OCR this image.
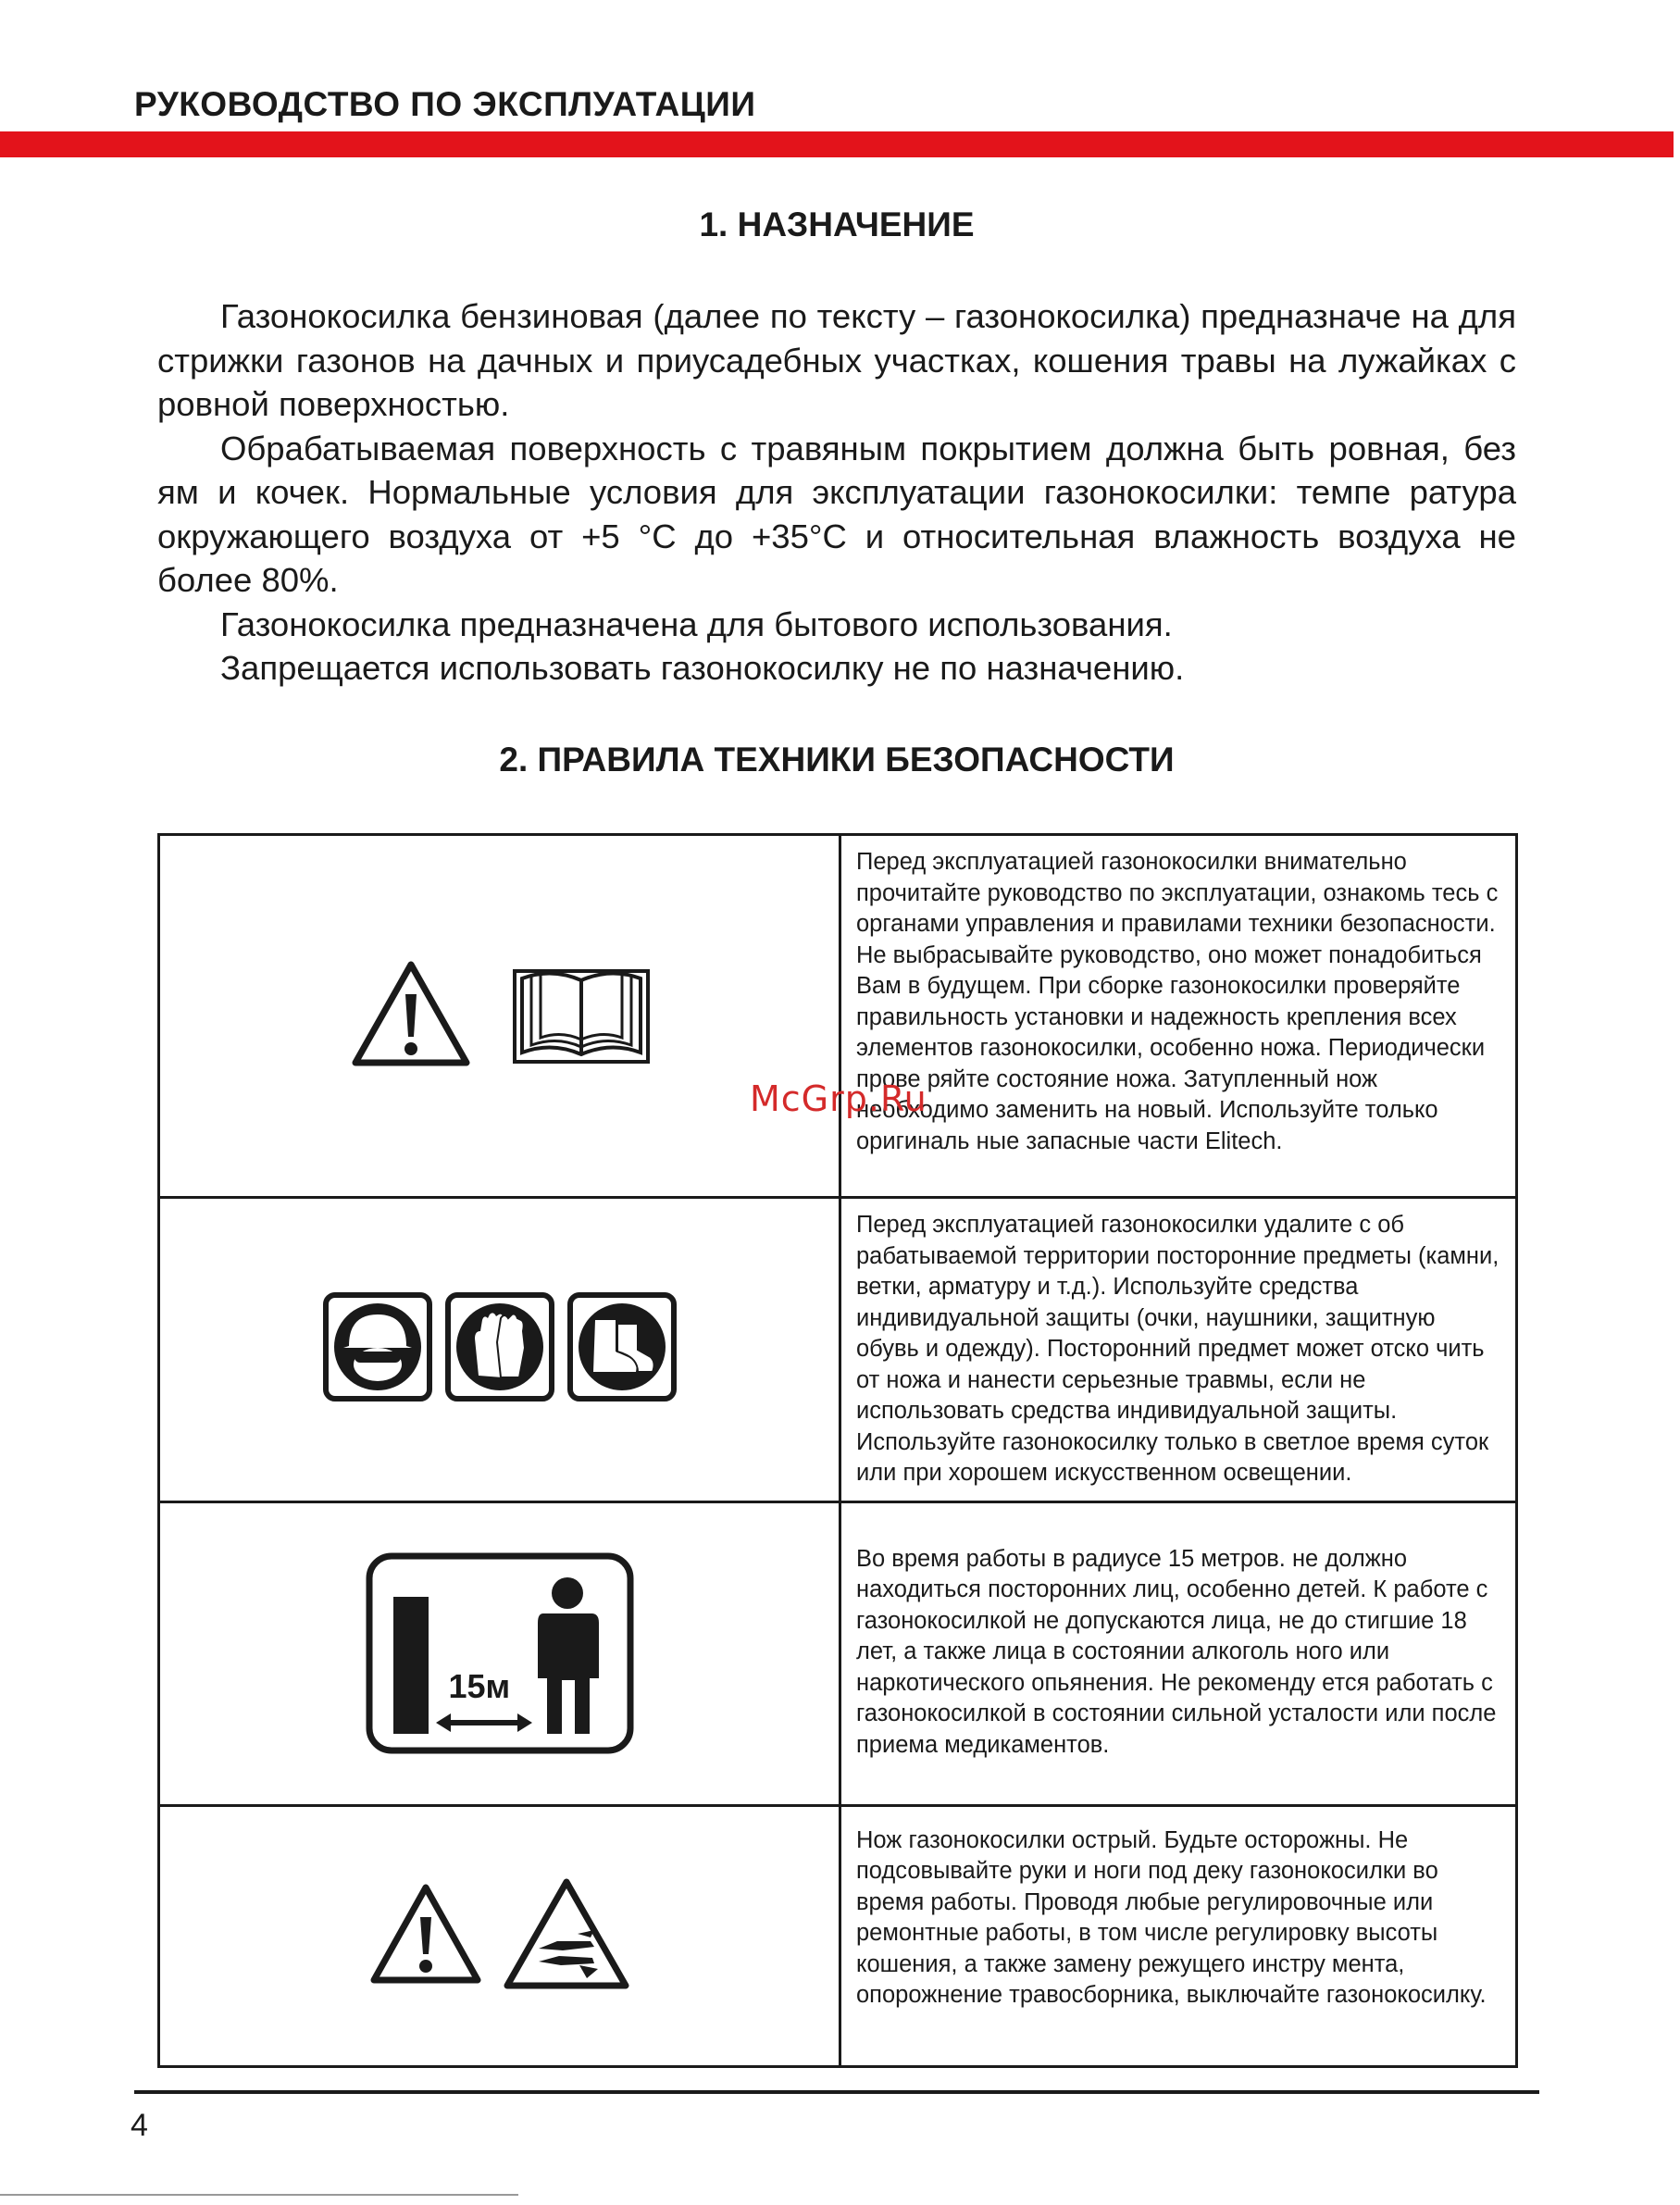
РУКОВОДСТВО ПО ЭКСПЛУАТАЦИИ
1. НАЗНАЧЕНИЕ

Газонокосилка бензиновая (далее по тексту – газонокосилка) предназначе на для стрижки газонов на дачных и приусадебных участках, кошения травы на лужайках с ровной поверхностью.

Обрабатываемая поверхность с травяным покрытием должна быть ровная, без ям и кочек. Нормальные условия для эксплуатации газонокосилки: темпе ратура окружающего воздуха от +5 °С до +35°С и относительная влажность воздуха не более 80%.

Газонокосилка предназначена для бытового использования.

Запрещается использовать газонокосилку не по назначению.

2. ПРАВИЛА ТЕХНИКИ БЕЗОПАСНОСТИ
	Перед эксплуатацией газонокосилки внимательно прочитайте руководство по эксплуатации, ознакомь тесь с органами управления и правилами техники безопасности. Не выбрасывайте руководство, оно может понадобиться Вам в будущем. При сборке газонокосилки проверяйте правильность установки и надежность крепления всех элементов газонокосилки, особенно ножа. Периодически прове ряйте состояние ножа. Затупленный нож необходимо заменить на новый. Используйте только оригиналь ные запасные части Elitech.

	Перед эксплуатацией газонокосилки удалите с об рабатываемой территории посторонние предметы (камни, ветки, арматуру и т.д.). Используйте средства индивидуальной защиты (очки, наушники, защитную обувь и одежду). Посторонний предмет может отско чить от ножа и нанести серьезные травмы, если не использовать средства индивидуальной защиты. Используйте газонокосилку только в светлое время суток или при хорошем искусственном освещении.

15м	Во время работы в радиусе 15 метров. не должно находиться посторонних лиц, особенно детей. К работе с газонокосилкой не допускаются лица, не до стигшие 18 лет, а также лица в состоянии алкоголь ного или наркотического опьянения. Не рекоменду ется работать с газонокосилкой в состоянии сильной усталости или после приема медикаментов.

	Нож газонокосилки острый. Будьте осторожны. Не подсовывайте руки и ноги под деку газонокосилки во время работы. Проводя любые регулировочные или ремонтные работы, в том числе регулировку высоты кошения, а также замену режущего инстру мента, опорожнение травосборника, выключайте газонокосилку.
McGrp.Ru
4
